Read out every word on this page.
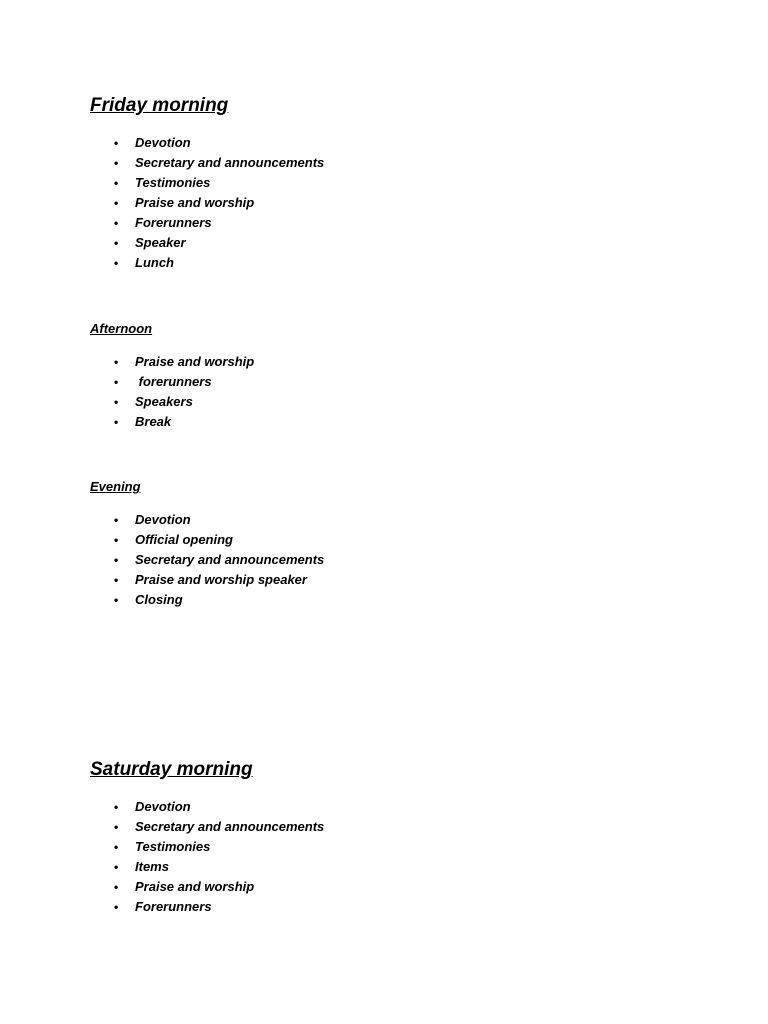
Friday morning
• Devotion
• Secretary and announcements
• Testimonies
• Praise and worship
• Forerunners
• Speaker
• Lunch
Afternoon
• Praise and worship
• forerunners
• Speakers
• Break
Evening
• Devotion
• Official opening
• Secretary and announcements
• Praise and worship speaker
• Closing
Saturday morning
• Devotion
• Secretary and announcements
• Testimonies
• Items
• Praise and worship
• Forerunners
